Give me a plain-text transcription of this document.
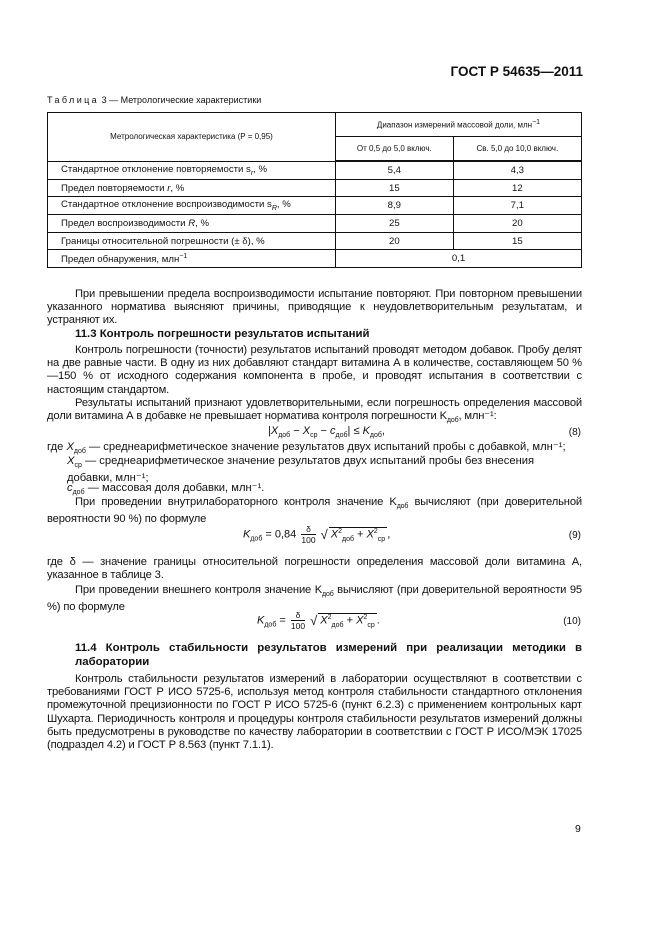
ГОСТ Р 54635—2011
Таблица 3 — Метрологические характеристики
Метрологическая характеристика (P = 0,95)	Диапазон измерений массовой доли, млн$^{-1}$
	От 0,5 до 5,0 включ.	Св. 5,0 до 10,0 включ.
Стандартное отклонение повторяемости $s_r$, %	5,4	4,3
Предел повторяемости r, %	15	12
Стандартное отклонение воспроизводимости $s_R$, %	8,9	7,1
Предел воспроизводимости R, %	25	20
Границы относительной погрешности (± δ), %	20	15
Предел обнаружения, млн$^{-1}$	0,1	
При превышении предела воспроизводимости испытание повторяют. При повторном превышении указанного норматива выясняют причины, приводящие к неудовлетворительным результатам, и устраняют их.
11.3 Контроль погрешности результатов испытаний
Контроль погрешности (точности) результатов испытаний проводят методом добавок. Пробу делят на две равные части. В одну из них добавляют стандарт витамина А в количестве, составляющем 50 %—150 % от исходного содержания компонента в пробе, и проводят испытания в соответствии с настоящим стандартом.
Результаты испытаний признают удовлетворительными, если погрешность определения массовой доли витамина А в добавке не превышает норматива контроля погрешности $K_{доб}$, млн⁻¹:
$|X_{доб} - X_{ср} - c_{доб}| \le K_{доб}$,	(8)
где $X_{доб}$ — среднеарифметическое значение результатов двух испытаний пробы с добавкой, млн⁻¹;
$X_{ср}$ — среднеарифметическое значение результатов двух испытаний пробы без внесения добавки, млн⁻¹;
$c_{доб}$ — массовая доля добавки, млн⁻¹.
При проведении внутрилабораторного контроля значение $K_{доб}$ вычисляют (при доверительной вероятности 90 %) по формуле
$K_{доб} = 0,84 \frac{\delta}{100}$ √ $X^2_{доб} + X^2_{ср}$ ,	(9)
где δ — значение границы относительной погрешности определения массовой доли витамина А, указанное в таблице 3.
При проведении внешнего контроля значение $K_{доб}$ вычисляют (при доверительной вероятности 95 %) по формуле
$K_{доб} = \frac{\delta}{100}$ √ $X^2_{доб} + X^2_{ср}$ .	(10)
11.4 Контроль стабильности результатов измерений при реализации методики в лаборатории
Контроль стабильности результатов измерений в лаборатории осуществляют в соответствии с требованиями ГОСТ Р ИСО 5725-6, используя метод контроля стабильности стандартного отклонения промежуточной прецизионности по ГОСТ Р ИСО 5725-6 (пункт 6.2.3) с применением контрольных карт Шухарта. Периодичность контроля и процедуры контроля стабильности результатов измерений должны быть предусмотрены в руководстве по качеству лаборатории в соответствии с ГОСТ Р ИСО/МЭК 17025 (подраздел 4.2) и ГОСТ Р 8.563 (пункт 7.1.1).
9
